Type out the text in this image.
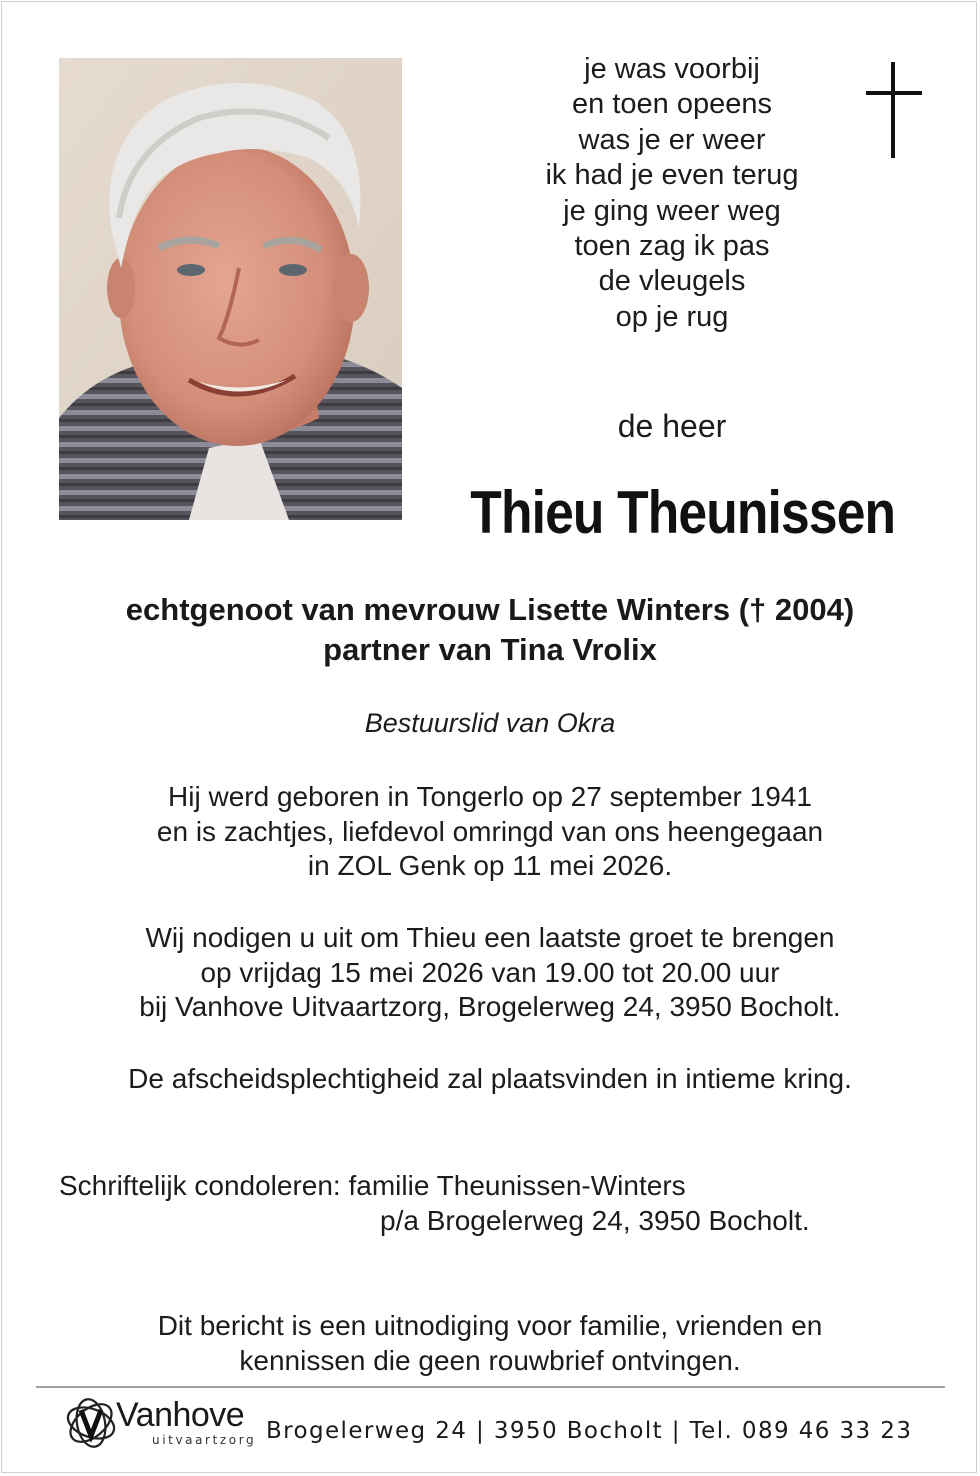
je was voorbij
en toen opeens
was je er weer
ik had je even terug
je ging weer weg
toen zag ik pas
de vleugels
op je rug
de heer
Thieu Theunissen
echtgenoot van mevrouw Lisette Winters († 2004)
partner van Tina Vrolix
Bestuurslid van Okra
Hij werd geboren in Tongerlo op 27 september 1941
en is zachtjes, liefdevol omringd van ons heengegaan
in ZOL Genk op 11 mei 2026.
Wij nodigen u uit om Thieu een laatste groet te brengen
op vrijdag 15 mei 2026 van 19.00 tot 20.00 uur
bij Vanhove Uitvaartzorg, Brogelerweg 24, 3950 Bocholt.
De afscheidsplechtigheid zal plaatsvinden in intieme kring.
Schriftelijk condoleren: familie Theunissen-Winters
p/a Brogelerweg 24, 3950 Bocholt.
Dit bericht is een uitnodiging voor familie, vrienden en
kennissen die geen rouwbrief ontvingen.
Vanhove
uitvaartzorg Brogelerweg 24 | 3950 Bocholt | Tel. 089 46 33 23
